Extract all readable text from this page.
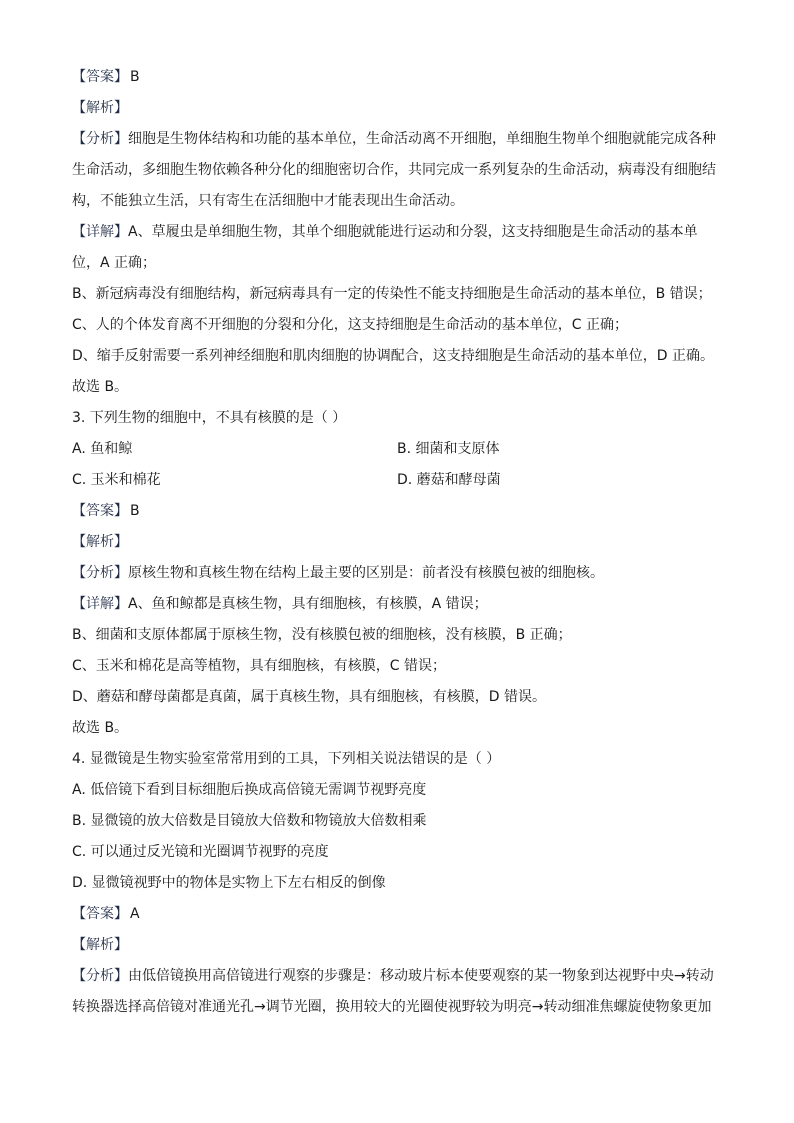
【答案】 B
【解析】
【分析】细胞是生物体结构和功能的基本单位，生命活动离不开细胞，单细胞生物单个细胞就能完成各种
生命活动，多细胞生物依赖各种分化的细胞密切合作，共同完成一系列复杂的生命活动，病毒没有细胞结
构，不能独立生活，只有寄生在活细胞中才能表现出生命活动。
【详解】A、草履虫是单细胞生物，其单个细胞就能进行运动和分裂，这支持细胞是生命活动的基本单
位，A 正确；
B、新冠病毒没有细胞结构，新冠病毒具有一定的传染性不能支持细胞是生命活动的基本单位，B 错误；
C、人的个体发育离不开细胞的分裂和分化，这支持细胞是生命活动的基本单位，C 正确；
D、缩手反射需要一系列神经细胞和肌肉细胞的协调配合，这支持细胞是生命活动的基本单位，D 正确。
故选 B。
3. 下列生物的细胞中，不具有核膜的是（ ）
A. 鱼和鲸	B. 细菌和支原体
C. 玉米和棉花	D. 蘑菇和酵母菌
【答案】 B
【解析】
【分析】原核生物和真核生物在结构上最主要的区别是：前者没有核膜包被的细胞核。
【详解】A、鱼和鲸都是真核生物，具有细胞核，有核膜，A 错误；
B、细菌和支原体都属于原核生物，没有核膜包被的细胞核，没有核膜，B 正确；
C、玉米和棉花是高等植物，具有细胞核，有核膜，C 错误；
D、蘑菇和酵母菌都是真菌，属于真核生物，具有细胞核，有核膜，D 错误。
故选 B。
4. 显微镜是生物实验室常常用到的工具，下列相关说法错误的是（ ）
A. 低倍镜下看到目标细胞后换成高倍镜无需调节视野亮度
B. 显微镜的放大倍数是目镜放大倍数和物镜放大倍数相乘
C. 可以通过反光镜和光圈调节视野的亮度
D. 显微镜视野中的物体是实物上下左右相反的倒像
【答案】 A
【解析】
【分析】由低倍镜换用高倍镜进行观察的步骤是：移动玻片标本使要观察的某一物象到达视野中央→转动
转换器选择高倍镜对准通光孔→调节光圈，换用较大的光圈使视野较为明亮→转动细准焦螺旋使物象更加
